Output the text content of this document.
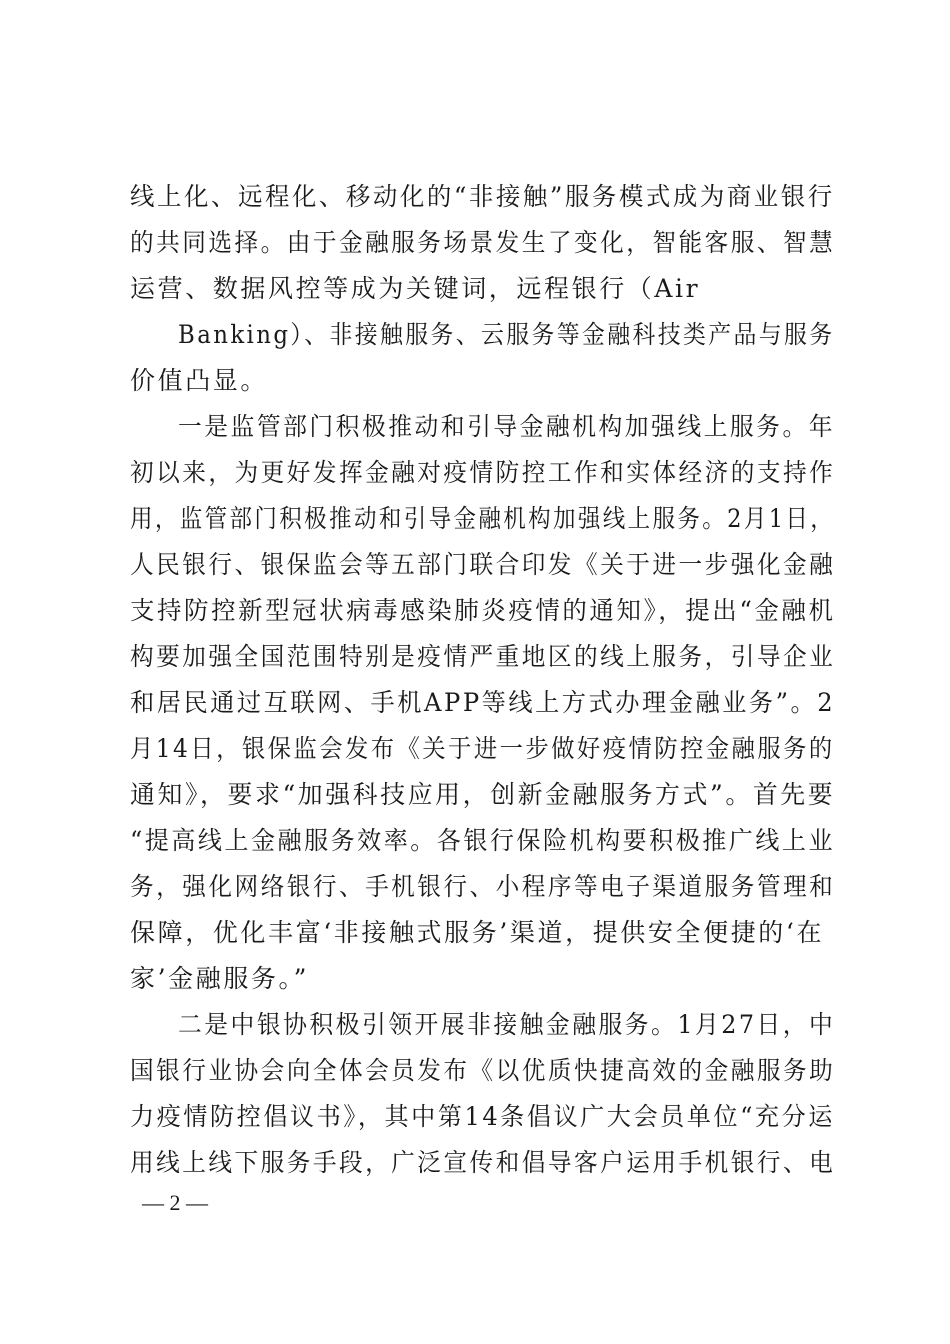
线上化、远程化、移动化的“非接触”服务模式成为商业银行
的共同选择。由于金融服务场景发生了变化，智能客服、智慧
运营、数据风控等成为关键词，远程银行（Air
Banking）、非接触服务、云服务等金融科技类产品与服务
价值凸显。
一是监管部门积极推动和引导金融机构加强线上服务。年
初以来，为更好发挥金融对疫情防控工作和实体经济的支持作
用，监管部门积极推动和引导金融机构加强线上服务。2月1日，
人民银行、银保监会等五部门联合印发《关于进一步强化金融
支持防控新型冠状病毒感染肺炎疫情的通知》，提出“金融机
构要加强全国范围特别是疫情严重地区的线上服务，引导企业
和居民通过互联网、手机APP等线上方式办理金融业务”。2
月14日，银保监会发布《关于进一步做好疫情防控金融服务的
通知》，要求“加强科技应用，创新金融服务方式”。首先要
“提高线上金融服务效率。各银行保险机构要积极推广线上业
务，强化网络银行、手机银行、小程序等电子渠道服务管理和
保障，优化丰富‘非接触式服务’渠道，提供安全便捷的‘在
家’金融服务。”
二是中银协积极引领开展非接触金融服务。1月27日，中
国银行业协会向全体会员发布《以优质快捷高效的金融服务助
力疫情防控倡议书》，其中第14条倡议广大会员单位“充分运
用线上线下服务手段，广泛宣传和倡导客户运用手机银行、电
— 2 —
